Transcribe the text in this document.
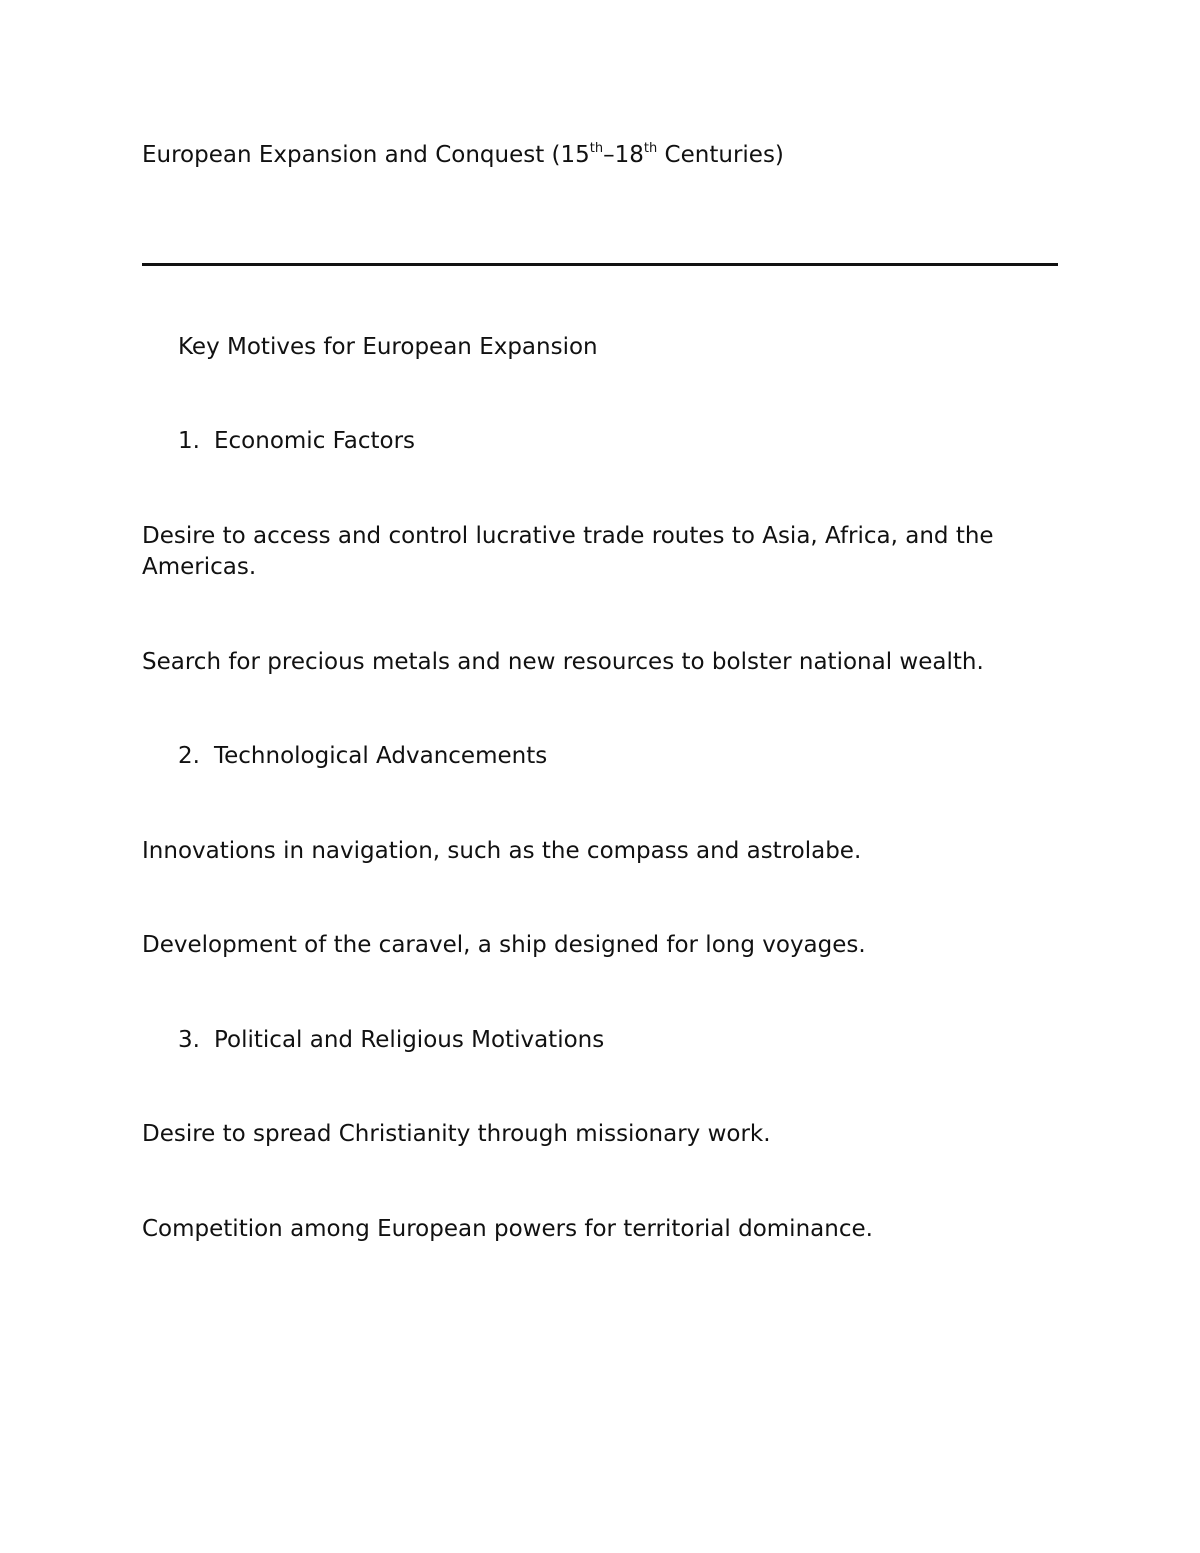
European Expansion and Conquest (15th–18th Centuries)
Key Motives for European Expansion
1. Economic Factors
Desire to access and control lucrative trade routes to Asia, Africa, and the Americas.
Search for precious metals and new resources to bolster national wealth.
2. Technological Advancements
Innovations in navigation, such as the compass and astrolabe.
Development of the caravel, a ship designed for long voyages.
3. Political and Religious Motivations
Desire to spread Christianity through missionary work.
Competition among European powers for territorial dominance.
